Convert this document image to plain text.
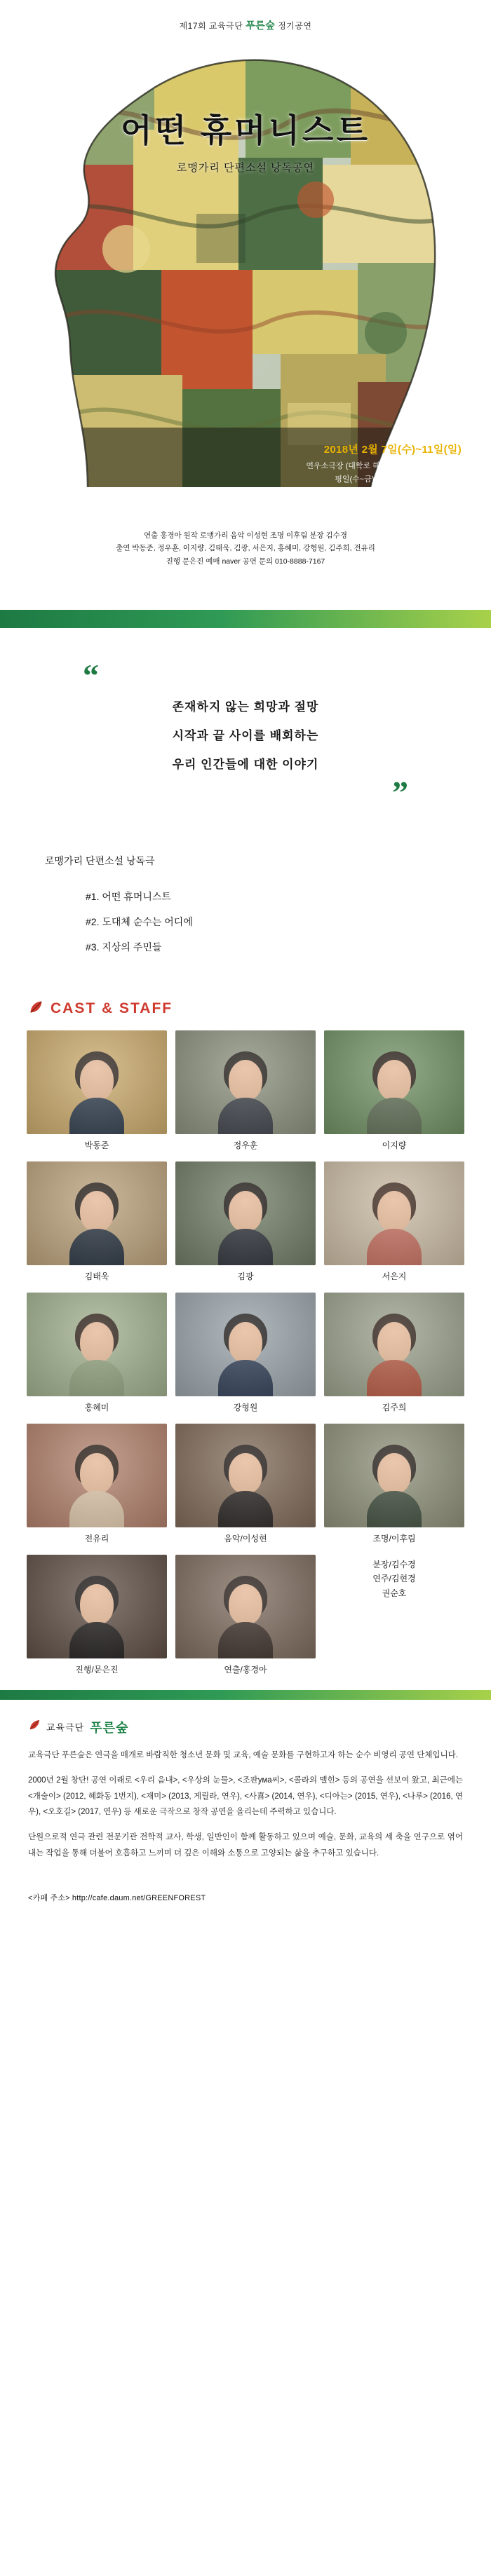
제17회 교육극단 푸른숲 정기공연
어떤 휴머니스트
로맹가리 단편소설 낭독공연
2018년 2월 7일(수)~11일(일)
연우소극장 (대학로 해뭉기 1번출구 도보 10분)
평일(수~금) 8시 / 주말(토,일) 2시, 6시
연출 홍경아 원작 로맹가리 음악 이성현 조명 이후림 분장 김수경
출연 박동준, 정우훈, 이지량, 김태욱, 김광, 서은지, 홍혜미, 강형원, 김주희, 전유리
진행 문은진 예매 naver 공연 문의 010-8888-7167
“
존재하지 않는 희망과 절망
시작과 끝 사이를 배회하는
우리 인간들에 대한 이야기
”
로맹가리 단편소설 낭독극
#1. 어떤 휴머니스트
#2. 도대체 순수는 어디에
#3. 지상의 주민들
CAST & STAFF
박동준	정우훈	이지량
김태욱	김광	서은지
홍혜미	강형원	김주희
전유리	음악/이성현	조명/이후림
진행/문은진	연출/홍경아
분장/김수경
연주/김현경
권순호
교육극단 푸른숲

교육극단 푸른숲은 연극을 매개로 바람직한 청소년 문화 및 교육, 예술 문화를 구현하고자 하는 순수 비영리 공연 단체입니다.

2000년 2월 창단! 공연 이래로 <우리 음내>, <우상의 눈물>, <조판ума씨>, <콜라의 맬힌> 등의 공연을 선보여 왔고, 최근에는 <개술이> (2012, 혜화동 1번지), <재미> (2013, 게릴라, 연우), <사喜> (2014, 연우), <디아는> (2015, 연우), <나루> (2016, 연우), <오호길> (2017, 연우) 등 새로운 극작으로 창작 공연을 올리는데 주력하고 있습니다.

단원으로적 연극 관련 전문기관 전학적 교사, 학생, 일반인이 함께 활동하고 있으며 예술, 문화, 교육의 세 축을 연구으로 엮어내는 작업을 통해 더불어 호흡하고 느끼며 더 깊은 이해와 소통으로 고양되는 삶을 추구하고 있습니다.

<카페 주소> http://cafe.daum.net/GREENFOREST
